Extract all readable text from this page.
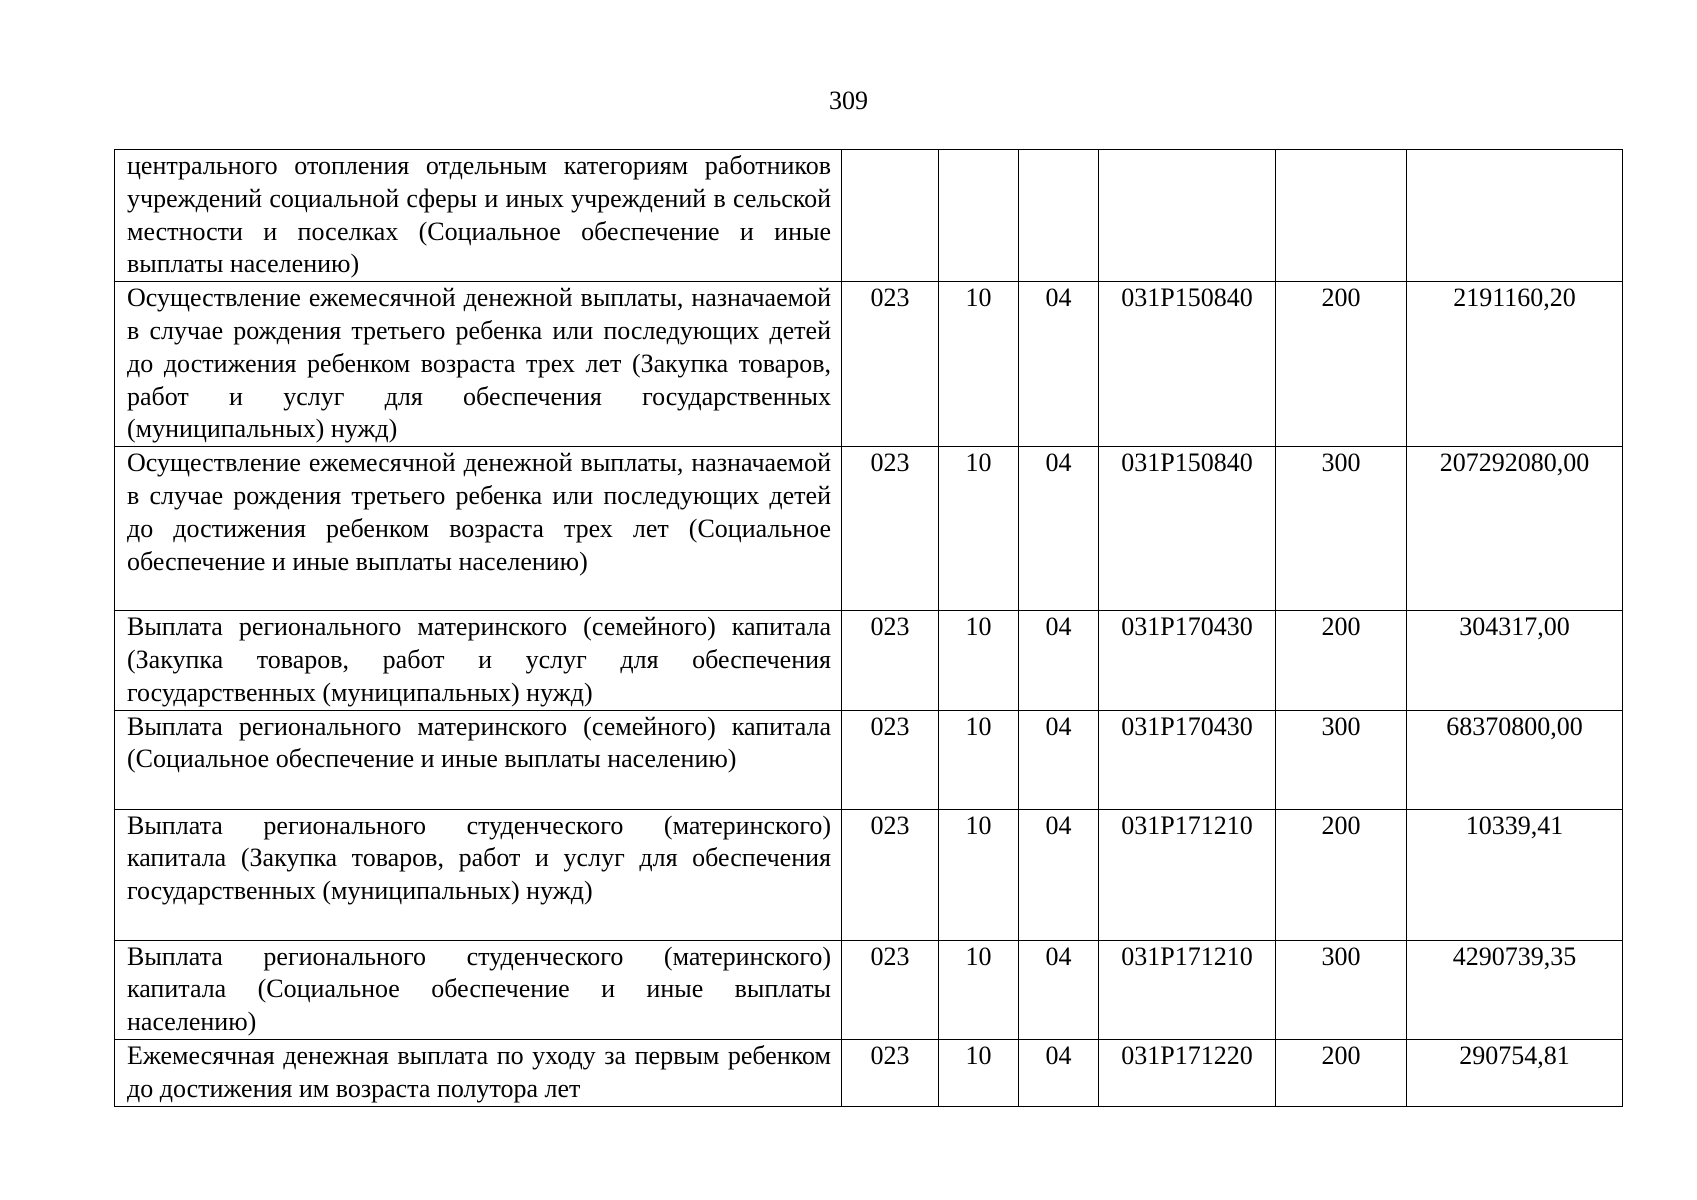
309
центрального отопления отдельным категориям работников учреждений социальной сферы и иных учреждений в сельской местности и поселках (Социальное обеспечение и иные выплаты населению)						
Осуществление ежемесячной денежной выплаты, назначаемой в случае рождения третьего ребенка или последующих детей до достижения ребенком возраста трех лет (Закупка товаров, работ и услуг для обеспечения государственных (муниципальных) нужд)	023	10	04	031P150840	200	2191160,20
Осуществление ежемесячной денежной выплаты, назначаемой в случае рождения третьего ребенка или последующих детей до достижения ребенком возраста трех лет (Социальное обеспечение и иные выплаты населению)	023	10	04	031P150840	300	207292080,00
Выплата регионального материнского (семейного) капитала (Закупка товаров, работ и услуг для обеспечения государственных (муниципальных) нужд)	023	10	04	031P170430	200	304317,00
Выплата регионального материнского (семейного) капитала (Социальное обеспечение и иные выплаты населению)	023	10	04	031P170430	300	68370800,00
Выплата регионального студенческого (материнского) капитала (Закупка товаров, работ и услуг для обеспечения государственных (муниципальных) нужд)	023	10	04	031P171210	200	10339,41
Выплата регионального студенческого (материнского) капитала (Социальное обеспечение и иные выплаты населению)	023	10	04	031P171210	300	4290739,35
Ежемесячная денежная выплата по уходу за первым ребенком до достижения им возраста полутора лет	023	10	04	031P171220	200	290754,81
